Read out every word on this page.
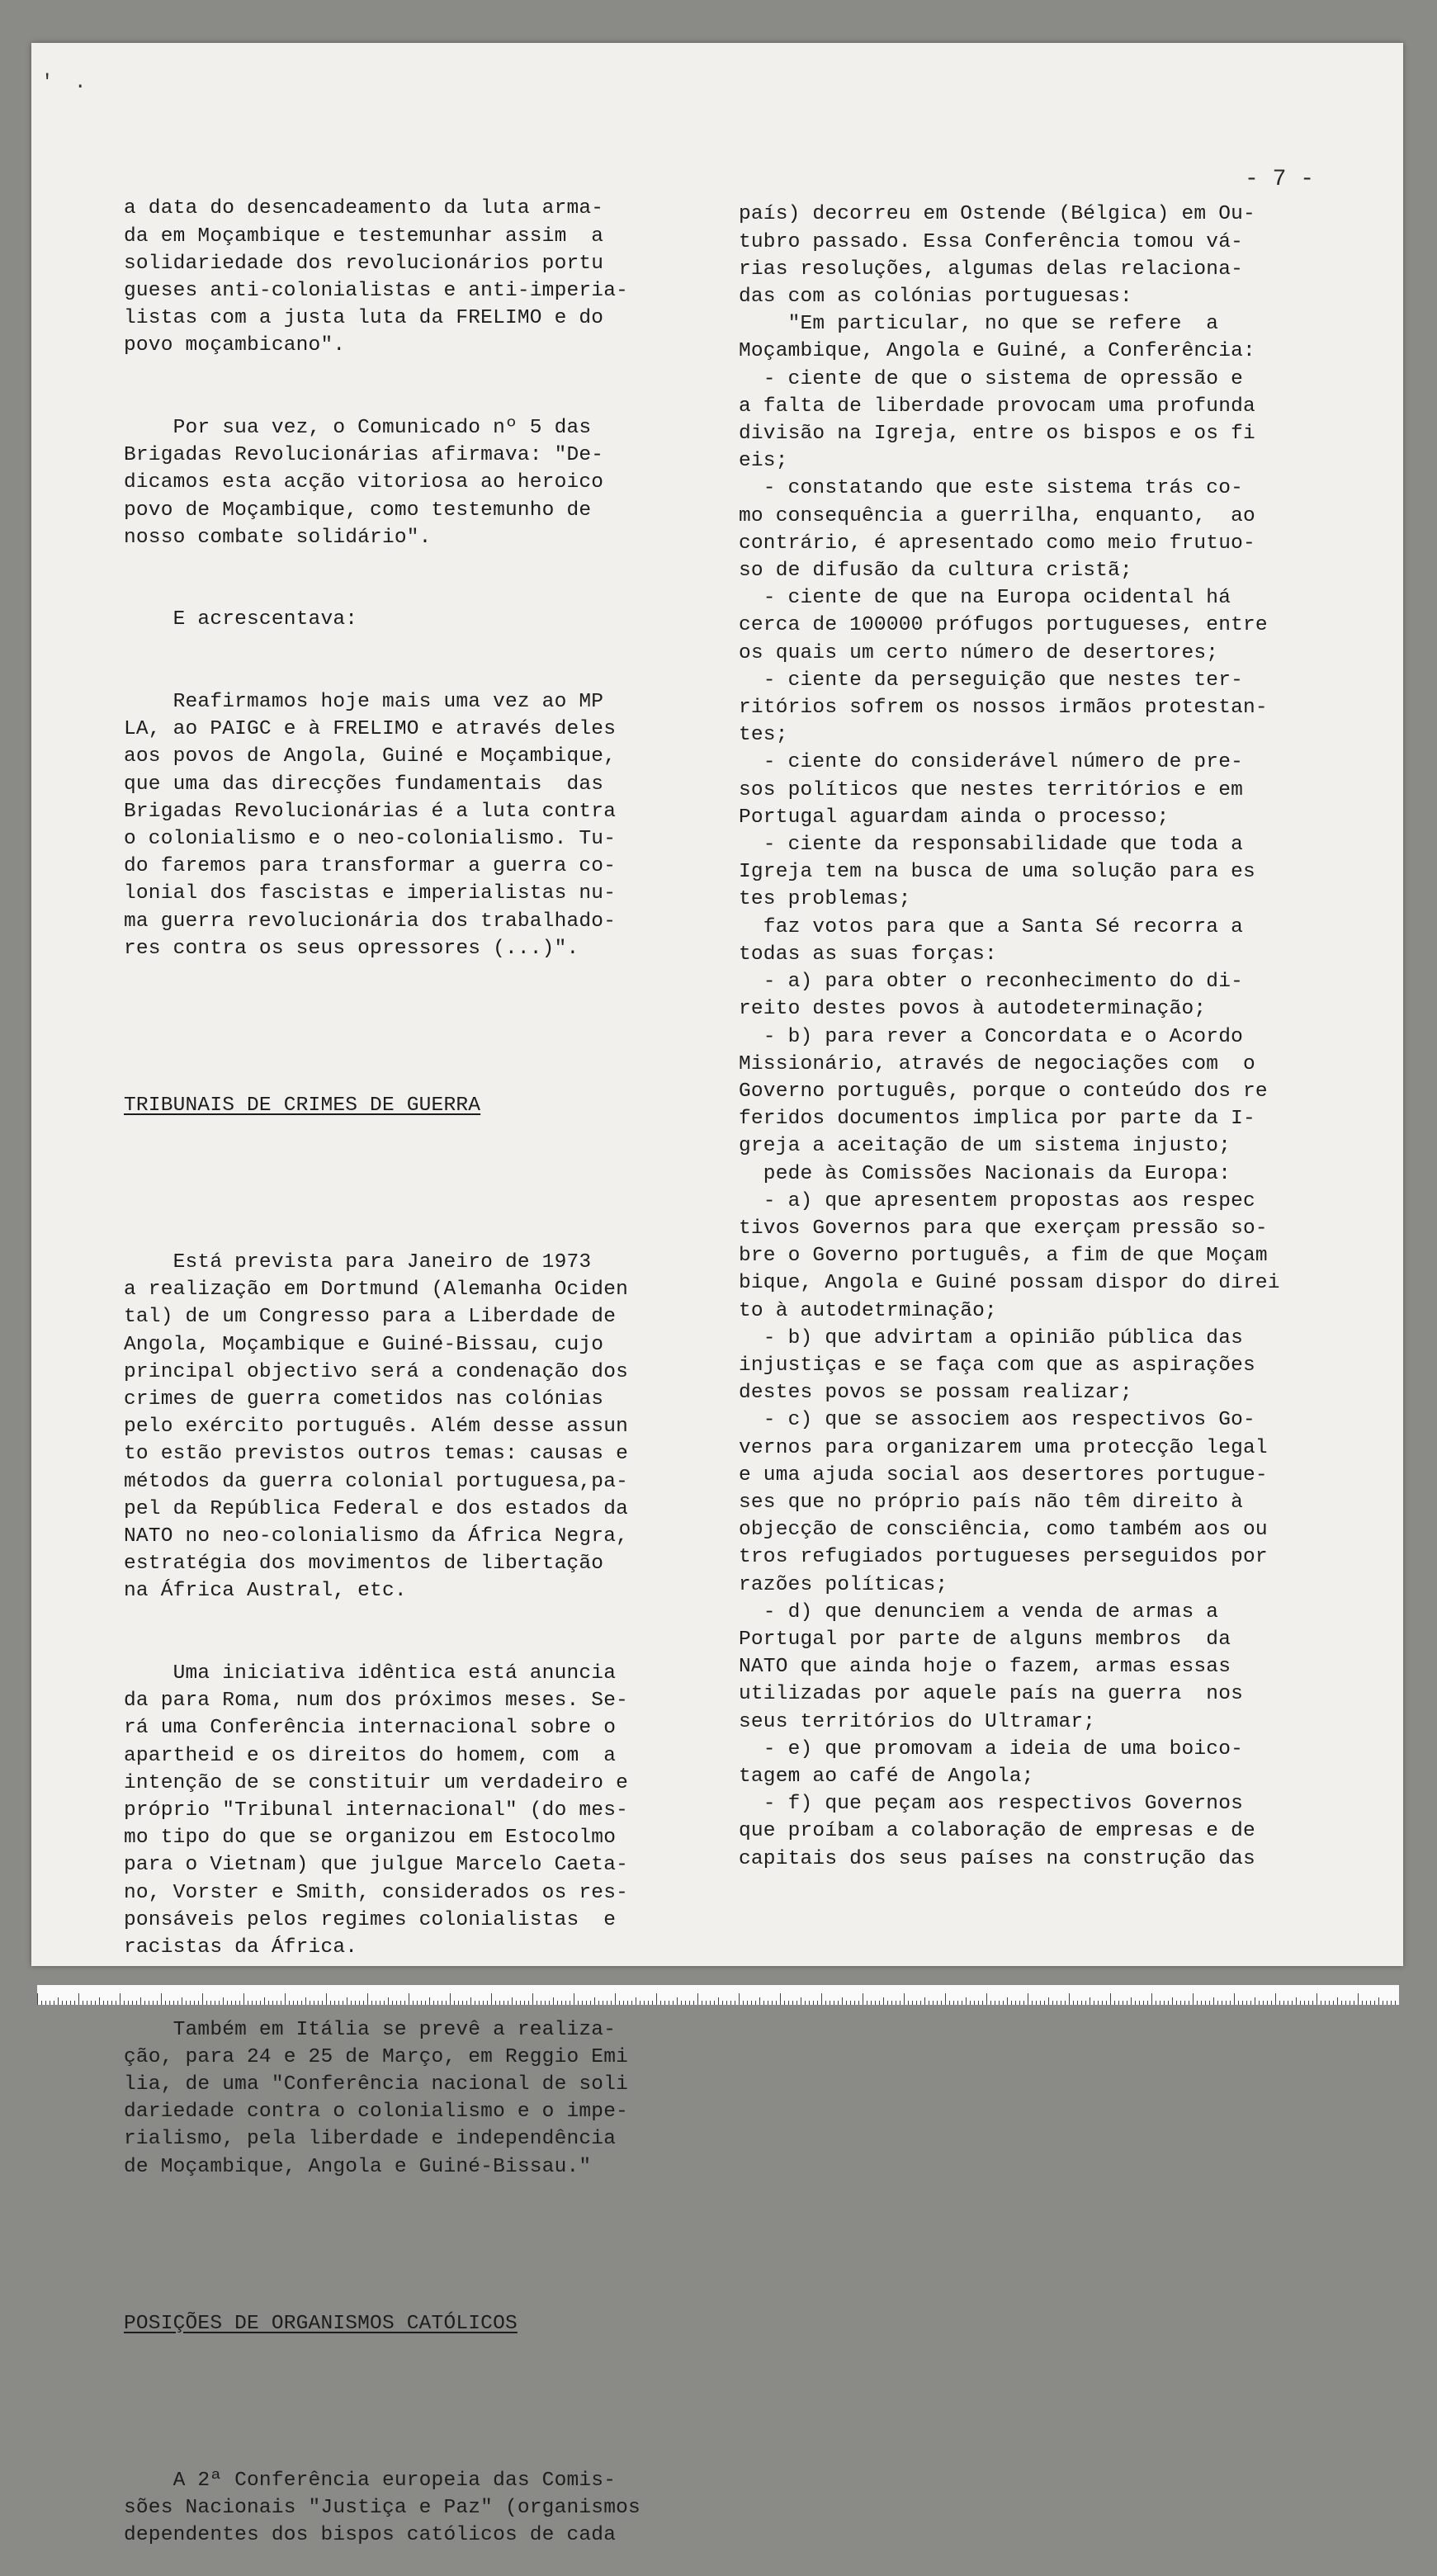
' .
- 7 -

a data do desencadeamento da luta arma-

da em Moçambique e testemunhar assim  a

solidariedade dos revolucionários portu

gueses anti-colonialistas e anti-imperia-

listas com a justa luta da FRELIMO e do

povo moçambicano".

Por sua vez, o Comunicado nº 5 das

Brigadas Revolucionárias afirmava: "De-

dicamos esta acção vitoriosa ao heroico

povo de Moçambique, como testemunho de

nosso combate solidário".

E acrescentava:

Reafirmamos hoje mais uma vez ao MP

LA, ao PAIGC e à FRELIMO e através deles

aos povos de Angola, Guiné e Moçambique,

que uma das direcções fundamentais  das

Brigadas Revolucionárias é a luta contra

o colonialismo e o neo-colonialismo. Tu-

do faremos para transformar a guerra co-

lonial dos fascistas e imperialistas nu-

ma guerra revolucionária dos trabalhado-

res contra os seus opressores (...)".

TRIBUNAIS DE CRIMES DE GUERRA

Está prevista para Janeiro de 1973

a realização em Dortmund (Alemanha Ociden

tal) de um Congresso para a Liberdade de

Angola, Moçambique e Guiné-Bissau, cujo

principal objectivo será a condenação dos

crimes de guerra cometidos nas colónias

pelo exército português. Além desse assun

to estão previstos outros temas: causas e

métodos da guerra colonial portuguesa,pa-

pel da República Federal e dos estados da

NATO no neo-colonialismo da África Negra,

estratégia dos movimentos de libertação

na África Austral, etc.

Uma iniciativa idêntica está anuncia

da para Roma, num dos próximos meses. Se-

rá uma Conferência internacional sobre o

apartheid e os direitos do homem, com  a

intenção de se constituir um verdadeiro e

próprio "Tribunal internacional" (do mes-

mo tipo do que se organizou em Estocolmo

para o Vietnam) que julgue Marcelo Caeta-

no, Vorster e Smith, considerados os res-

ponsáveis pelos regimes colonialistas  e

racistas da África.

Também em Itália se prevê a realiza-

ção, para 24 e 25 de Março, em Reggio Emi

lia, de uma "Conferência nacional de soli

dariedade contra o colonialismo e o impe-

rialismo, pela liberdade e independência

de Moçambique, Angola e Guiné-Bissau."

POSIÇÕES DE ORGANISMOS CATÓLICOS

A 2ª Conferência europeia das Comis-

sões Nacionais "Justiça e Paz" (organismos

dependentes dos bispos católicos de cada

país) decorreu em Ostende (Bélgica) em Ou-

tubro passado. Essa Conferência tomou vá-

rias resoluções, algumas delas relaciona-

das com as colónias portuguesas:

"Em particular, no que se refere  a

Moçambique, Angola e Guiné, a Conferência:

- ciente de que o sistema de opressão e

a falta de liberdade provocam uma profunda

divisão na Igreja, entre os bispos e os fi

eis;

- constatando que este sistema trás co-

mo consequência a guerrilha, enquanto,  ao

contrário, é apresentado como meio frutuo-

so de difusão da cultura cristã;

- ciente de que na Europa ocidental há

cerca de 100000 prófugos portugueses, entre

os quais um certo número de desertores;

- ciente da perseguição que nestes ter-

ritórios sofrem os nossos irmãos protestan-

tes;

- ciente do considerável número de pre-

sos políticos que nestes territórios e em

Portugal aguardam ainda o processo;

- ciente da responsabilidade que toda a

Igreja tem na busca de uma solução para es

tes problemas;

faz votos para que a Santa Sé recorra a

todas as suas forças:

- a) para obter o reconhecimento do di-

reito destes povos à autodeterminação;

- b) para rever a Concordata e o Acordo

Missionário, através de negociações com  o

Governo português, porque o conteúdo dos re

feridos documentos implica por parte da I-

greja a aceitação de um sistema injusto;

pede às Comissões Nacionais da Europa:

- a) que apresentem propostas aos respec

tivos Governos para que exerçam pressão so-

bre o Governo português, a fim de que Moçam

bique, Angola e Guiné possam dispor do direi

to à autodetrminação;

- b) que advirtam a opinião pública das

injustiças e se faça com que as aspirações

destes povos se possam realizar;

- c) que se associem aos respectivos Go-

vernos para organizarem uma protecção legal

e uma ajuda social aos desertores portugue-

ses que no próprio país não têm direito à

objecção de consciência, como também aos ou

tros refugiados portugueses perseguidos por

razões políticas;

- d) que denunciem a venda de armas a

Portugal por parte de alguns membros  da

NATO que ainda hoje o fazem, armas essas

utilizadas por aquele país na guerra  nos

seus territórios do Ultramar;

- e) que promovam a ideia de uma boico-

tagem ao café de Angola;

- f) que peçam aos respectivos Governos

que proíbam a colaboração de empresas e de

capitais dos seus países na construção das
